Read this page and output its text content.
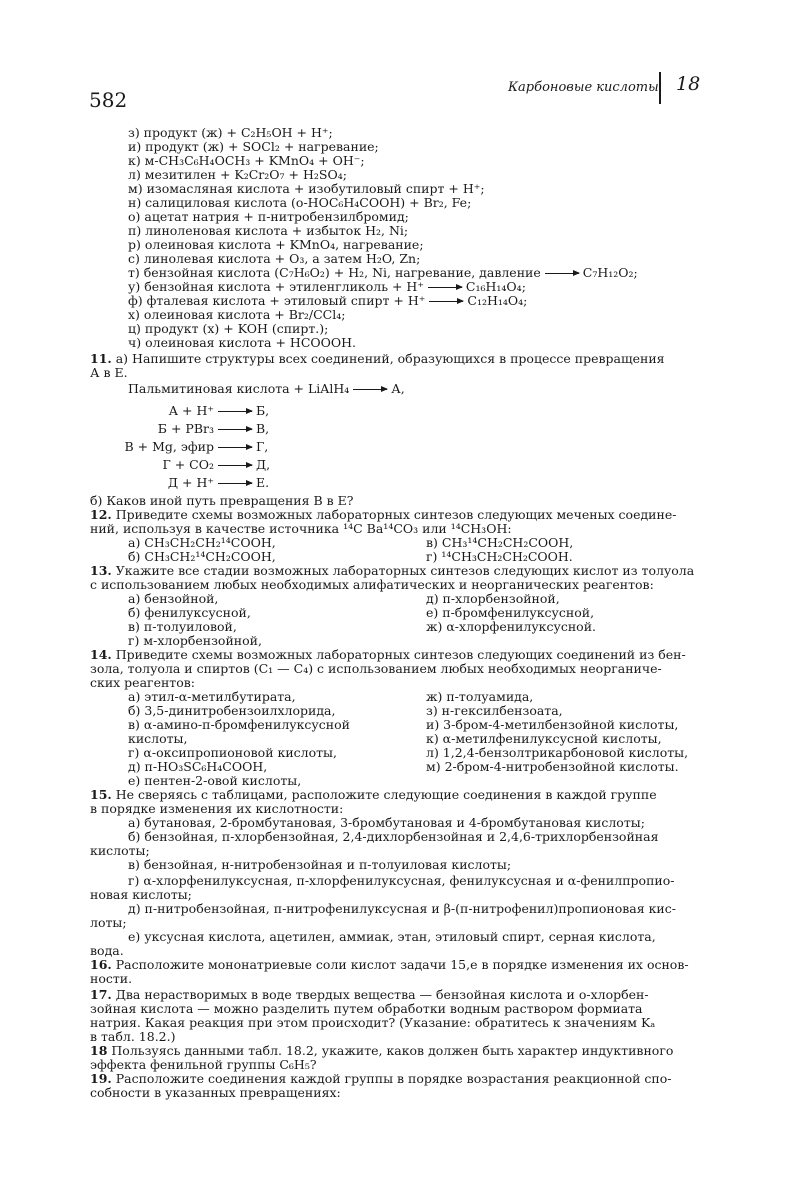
582
Карбоновые кислоты 18
з) продукт (ж) + C₂H₅OH + H⁺;
и) продукт (ж) + SOCl₂ + нагревание;
к) м-CH₃C₆H₄OCH₃ + KMnO₄ + OH⁻;
л) мезитилен + K₂Cr₂O₇ + H₂SO₄;
м) изомасляная кислота + изобутиловый спирт + H⁺;
н) салициловая кислота (о-HOC₆H₄COOH) + Br₂, Fe;
о) ацетат натрия + п-нитробензилбромид;
п) линоленовая кислота + избыток H₂, Ni;
р) олеиновая кислота + KMnO₄, нагревание;
с) линолевая кислота + O₃, а затем H₂O, Zn;
т) бензойная кислота (C₇H₆O₂) + H₂, Ni, нагревание, давление → C₇H₁₂O₂;
у) бензойная кислота + этиленгликоль + H⁺ → C₁₆H₁₄O₄;
ф) фталевая кислота + этиловый спирт + H⁺ → C₁₂H₁₄O₄;
х) олеиновая кислота + Br₂/CCl₄;
ц) продукт (х) + KOH (спирт.);
ч) олеиновая кислота + HCOOOH.
11. а) Напишите структуры всех соединений, образующихся в процессе превращения
А в Е.
Пальмитиновая кислота + LiAlH₄ → А,
А + H⁺ → Б,
Б + PBr₃ → В,
В + Mg, эфир → Г,
Г + CO₂ → Д,
Д + H⁺ → Е.
б) Каков иной путь превращения В в Е?
12. Приведите схемы возможных лабораторных синтезов следующих меченых соедине-
ний, используя в качестве источника ¹⁴C Ba¹⁴CO₃ или ¹⁴CH₃OH:
а) CH₃CH₂CH₂¹⁴COOH,	в) CH₃¹⁴CH₂CH₂COOH,
б) CH₃CH₂¹⁴CH₂COOH,	г) ¹⁴CH₃CH₂CH₂COOH.
13. Укажите все стадии возможных лабораторных синтезов следующих кислот из толуола
с использованием любых необходимых алифатических и неорганических реагентов:
а) бензойной,	д) п-хлорбензойной,
б) фенилуксусной,	е) п-бромфенилуксусной,
в) п-толуиловой,	ж) α-хлорфенилуксусной.
г) м-хлорбензойной,
14. Приведите схемы возможных лабораторных синтезов следующих соединений из бен-
зола, толуола и спиртов (C₁ — C₄) с использованием любых необходимых неорганиче-
ских реагентов:
а) этил-α-метилбутирата,	ж) п-толуамида,
б) 3,5-динитробензоилхлорида,	з) н-гексилбензоата,
в) α-амино-п-бромфенилуксусной	и) 3-бром-4-метилбензойной кислоты,
кислоты,	к) α-метилфенилуксусной кислоты,
г) α-оксипропионовой кислоты,	л) 1,2,4-бензолтрикарбоновой кислоты,
д) п-HO₃SC₆H₄COOH,	м) 2-бром-4-нитробензойной кислоты.
е) пентен-2-овой кислоты,
15. Не сверяясь с таблицами, расположите следующие соединения в каждой группе
в порядке изменения их кислотности:
а) бутановая, 2-бромбутановая, 3-бромбутановая и 4-бромбутановая кислоты;
б) бензойная, п-хлорбензойная, 2,4-дихлорбензойная и 2,4,6-трихлорбензойная
кислоты;
в) бензойная, н-нитробензойная и п-толуиловая кислоты;
г) α-хлорфенилуксусная, п-хлорфенилуксусная, фенилуксусная и α-фенилпропио-
новая кислоты;
д) п-нитробензойная, п-нитрофенилуксусная и β-(п-нитрофенил)пропионовая кис-
лоты;
е) уксусная кислота, ацетилен, аммиак, этан, этиловый спирт, серная кислота,
вода.
16. Расположите мононатриевые соли кислот задачи 15,е в порядке изменения их основ-
ности.
17. Два нерастворимых в воде твердых вещества — бензойная кислота и о-хлорбен-
зойная кислота — можно разделить путем обработки водным раствором формиата
натрия. Какая реакция при этом происходит? (Указание: обратитесь к значениям Kₐ
в табл. 18.2.)
18 Пользуясь данными табл. 18.2, укажите, каков должен быть характер индуктивного
эффекта фенильной группы C₆H₅?
19. Расположите соединения каждой группы в порядке возрастания реакционной спо-
собности в указанных превращениях:
